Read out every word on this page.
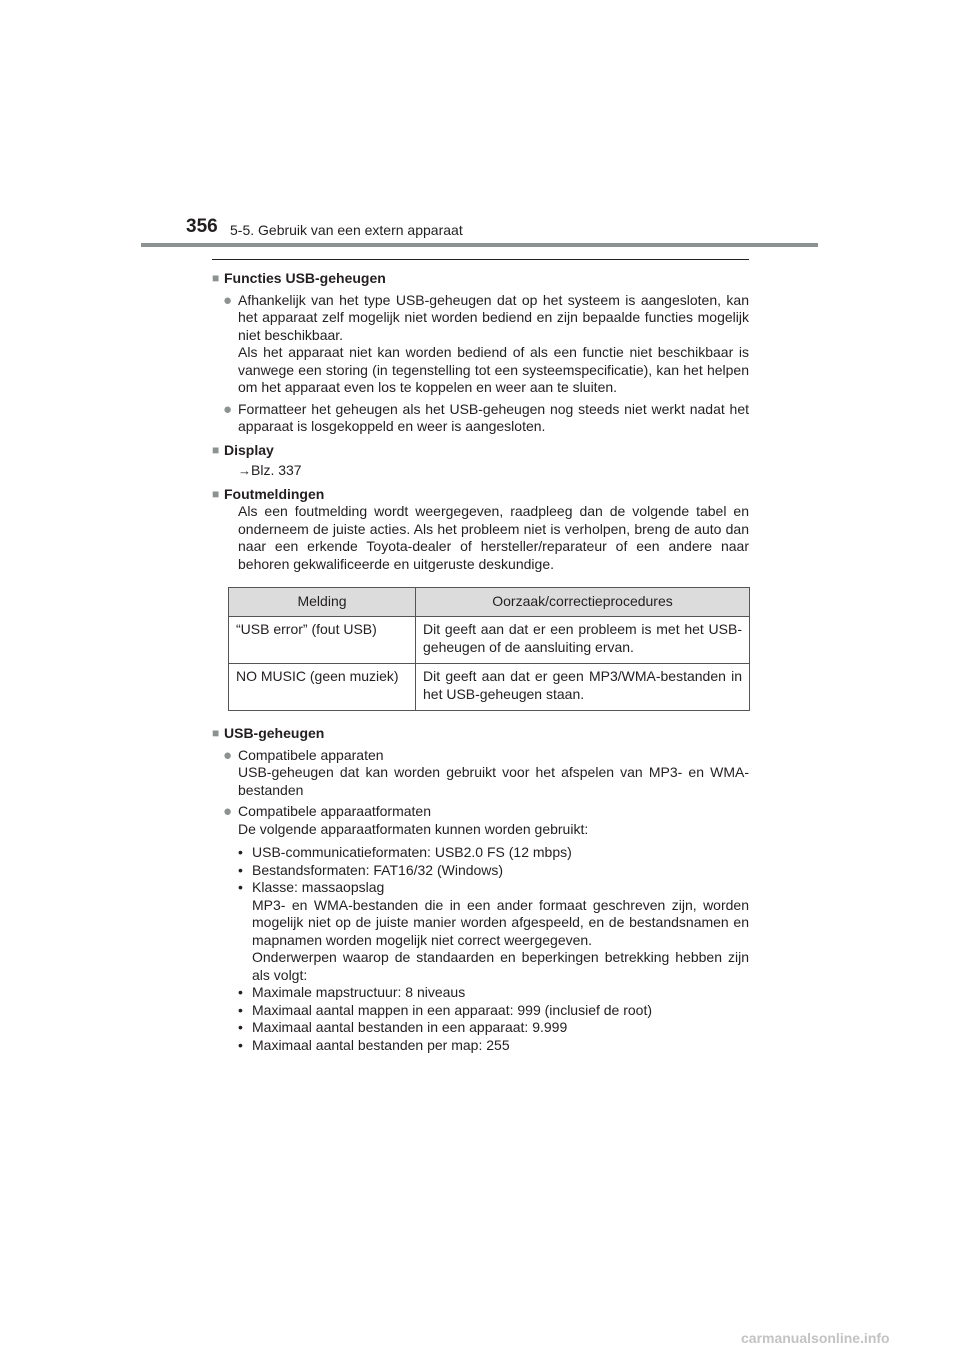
356 5-5. Gebruik van een extern apparaat
■ Functies USB-geheugen
● Afhankelijk van het type USB-geheugen dat op het systeem is aangesloten, kan het apparaat zelf mogelijk niet worden bediend en zijn bepaalde functies mogelijk niet beschikbaar.
Als het apparaat niet kan worden bediend of als een functie niet beschikbaar is vanwege een storing (in tegenstelling tot een systeemspecificatie), kan het helpen om het apparaat even los te koppelen en weer aan te sluiten.
● Formatteer het geheugen als het USB-geheugen nog steeds niet werkt nadat het apparaat is losgekoppeld en weer is aangesloten.
■ Display
→Blz. 337
■ Foutmeldingen
Als een foutmelding wordt weergegeven, raadpleeg dan de volgende tabel en onderneem de juiste acties. Als het probleem niet is verholpen, breng de auto dan naar een erkende Toyota-dealer of hersteller/reparateur of een andere naar behoren gekwalificeerde en uitgeruste deskundige.
Melding	Oorzaak/correctieprocedures
“USB error” (fout USB)	Dit geeft aan dat er een probleem is met het USB-geheugen of de aansluiting ervan.
NO MUSIC (geen muziek)	Dit geeft aan dat er geen MP3/WMA-bestanden in het USB-geheugen staan.
■ USB-geheugen
● Compatibele apparaten
USB-geheugen dat kan worden gebruikt voor het afspelen van MP3- en WMA-bestanden
● Compatibele apparaatformaten
De volgende apparaatformaten kunnen worden gebruikt:
• USB-communicatieformaten: USB2.0 FS (12 mbps)
• Bestandsformaten: FAT16/32 (Windows)
• Klasse: massaopslag
MP3- en WMA-bestanden die in een ander formaat geschreven zijn, worden mogelijk niet op de juiste manier worden afgespeeld, en de bestandsnamen en mapnamen worden mogelijk niet correct weergegeven.
Onderwerpen waarop de standaarden en beperkingen betrekking hebben zijn als volgt:
• Maximale mapstructuur: 8 niveaus
• Maximaal aantal mappen in een apparaat: 999 (inclusief de root)
• Maximaal aantal bestanden in een apparaat: 9.999
• Maximaal aantal bestanden per map: 255
carmanualsonline.info
